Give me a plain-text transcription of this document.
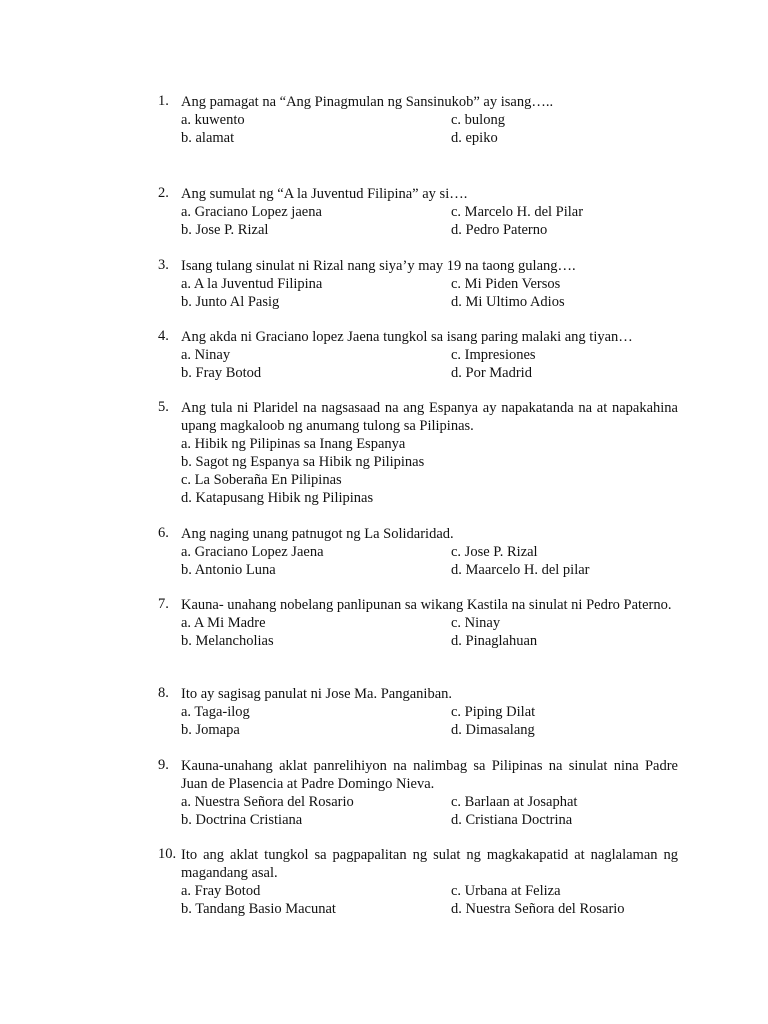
1. Ang pamagat na “Ang Pinagmulan ng Sansinukob” ay isang…..
a. kuwento	c. bulong
b. alamat	d. epiko
2. Ang sumulat ng “A la Juventud Filipina” ay si….
a. Graciano Lopez jaena	c. Marcelo H. del Pilar
b. Jose P. Rizal	d. Pedro Paterno
3. Isang tulang sinulat ni Rizal nang siya’y may 19 na taong gulang….
a. A la Juventud Filipina	c. Mi Piden Versos
b. Junto Al Pasig	d. Mi Ultimo Adios
4. Ang akda ni Graciano lopez Jaena tungkol sa isang paring malaki ang tiyan…
a. Ninay	c. Impresiones
b. Fray Botod	d. Por Madrid
5. Ang tula ni Plaridel na nagsasaad na ang Espanya ay napakatanda na at napakahina upang magkaloob ng anumang tulong sa Pilipinas.
a. Hibik ng Pilipinas sa Inang Espanya
b. Sagot ng Espanya sa Hibik ng Pilipinas
c. La Soberaña En Pilipinas
d. Katapusang Hibik ng Pilipinas
6. Ang naging unang patnugot ng La Solidaridad.
a. Graciano Lopez Jaena	c. Jose P. Rizal
b. Antonio Luna	d. Maarcelo H. del pilar
7. Kauna- unahang nobelang panlipunan sa wikang Kastila na sinulat ni Pedro Paterno.
a. A Mi Madre	c. Ninay
b. Melancholias	d. Pinaglahuan
8. Ito ay sagisag panulat ni Jose Ma. Panganiban.
a. Taga-ilog	c. Piping Dilat
b. Jomapa	d. Dimasalang
9. Kauna-unahang aklat panrelihiyon na nalimbag sa Pilipinas na sinulat nina Padre Juan de Plasencia at Padre Domingo Nieva.
a. Nuestra Señora del Rosario	c. Barlaan at Josaphat
b. Doctrina Cristiana	d. Cristiana Doctrina
10. Ito ang aklat tungkol sa pagpapalitan ng sulat ng magkakapatid at naglalaman ng magandang asal.
a. Fray Botod	c. Urbana at Feliza
b. Tandang Basio Macunat	d. Nuestra Señora del Rosario
